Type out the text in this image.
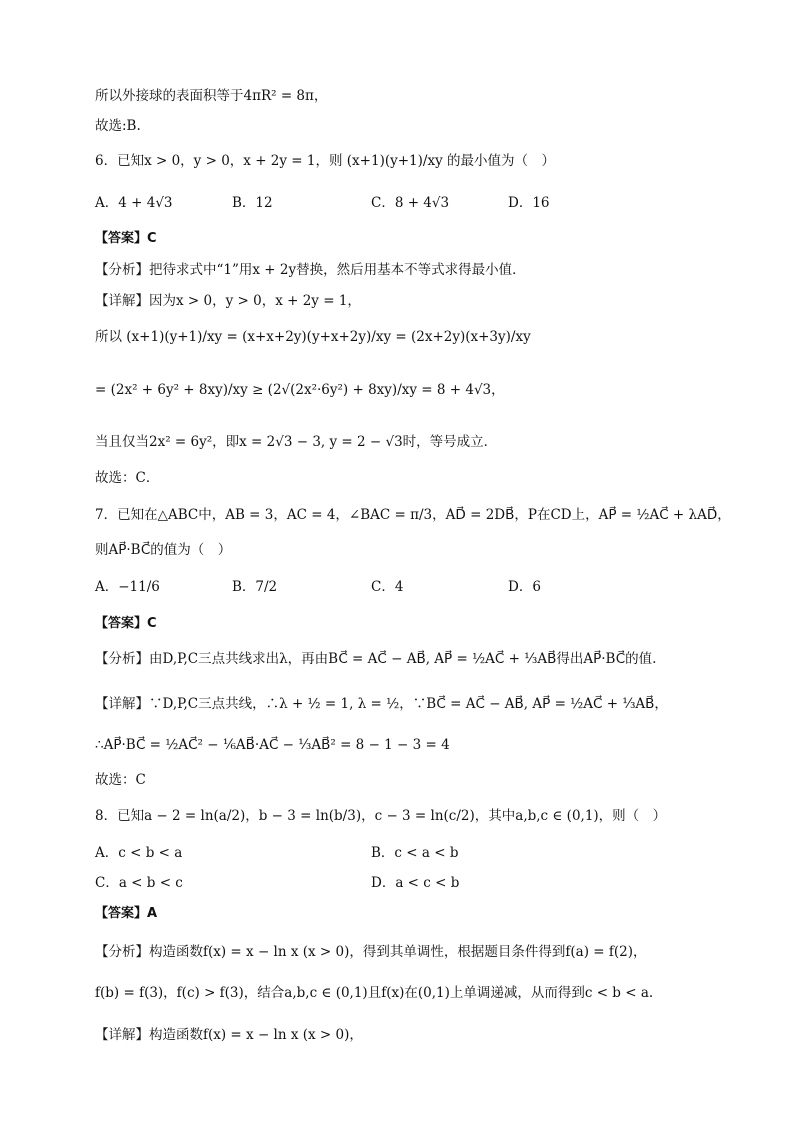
所以外接球的表面积等于4πR² = 8π，
故选:B.
6．已知x > 0，y > 0，x + 2y = 1，则 (x+1)(y+1)/xy 的最小值为（　）
A．4 + 4√3	B．12	C．8 + 4√3	D．16
【答案】C
【分析】把待求式中“1”用x + 2y替换，然后用基本不等式求得最小值．
【详解】因为x > 0，y > 0，x + 2y = 1，
所以 (x+1)(y+1)/xy = (x+x+2y)(y+x+2y)/xy = (2x+2y)(x+3y)/xy
= (2x² + 6y² + 8xy)/xy ≥ (2√(2x²·6y²) + 8xy)/xy = 8 + 4√3，
当且仅当2x² = 6y²，即x = 2√3 − 3, y = 2 − √3时，等号成立．
故选：C．
7．已知在△ABC中，AB = 3，AC = 4，∠BAC = π/3，AD⃗ = 2DB⃗，P在CD上，AP⃗ = ½AC⃗ + λAD⃗，
则AP⃗·BC⃗的值为（　）
A．−11/6	B．7/2	C．4	D．6
【答案】C
【分析】由D,P,C三点共线求出λ，再由BC⃗ = AC⃗ − AB⃗, AP⃗ = ½AC⃗ + ⅓AB⃗得出AP⃗·BC⃗的值.
【详解】∵D,P,C三点共线，∴λ + ½ = 1, λ = ½，∵BC⃗ = AC⃗ − AB⃗, AP⃗ = ½AC⃗ + ⅓AB⃗，
∴AP⃗·BC⃗ = ½AC⃗² − ⅙AB⃗·AC⃗ − ⅓AB⃗² = 8 − 1 − 3 = 4
故选：C
8．已知a − 2 = ln(a/2)，b − 3 = ln(b/3)，c − 3 = ln(c/2)，其中a,b,c ∈ (0,1)，则（　）
A．c < b < a	B．c < a < b
C．a < b < c	D．a < c < b
【答案】A
【分析】构造函数f(x) = x − ln x (x > 0)，得到其单调性，根据题目条件得到f(a) = f(2)，
f(b) = f(3)，f(c) > f(3)，结合a,b,c ∈ (0,1)且f(x)在(0,1)上单调递减，从而得到c < b < a.
【详解】构造函数f(x) = x − ln x (x > 0)，
